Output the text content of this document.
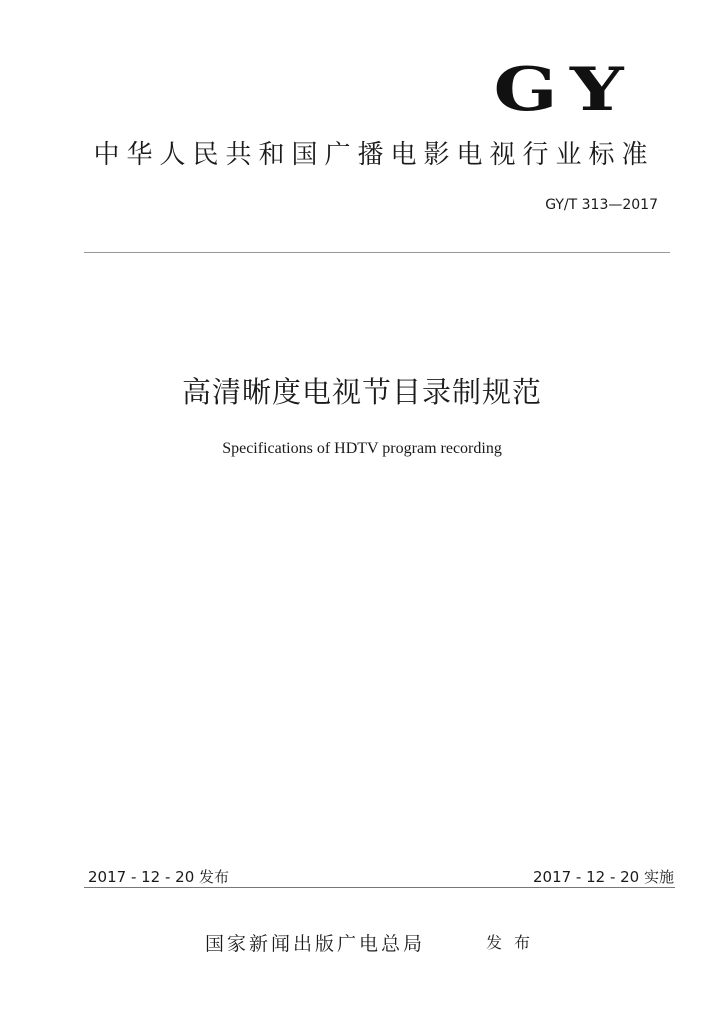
GY
中华人民共和国广播电影电视行业标准
GY/T 313—2017
高清晰度电视节目录制规范
Specifications of HDTV program recording
2017 - 12 - 20 发布	2017 - 12 - 20 实施
国家新闻出版广电总局	发布
